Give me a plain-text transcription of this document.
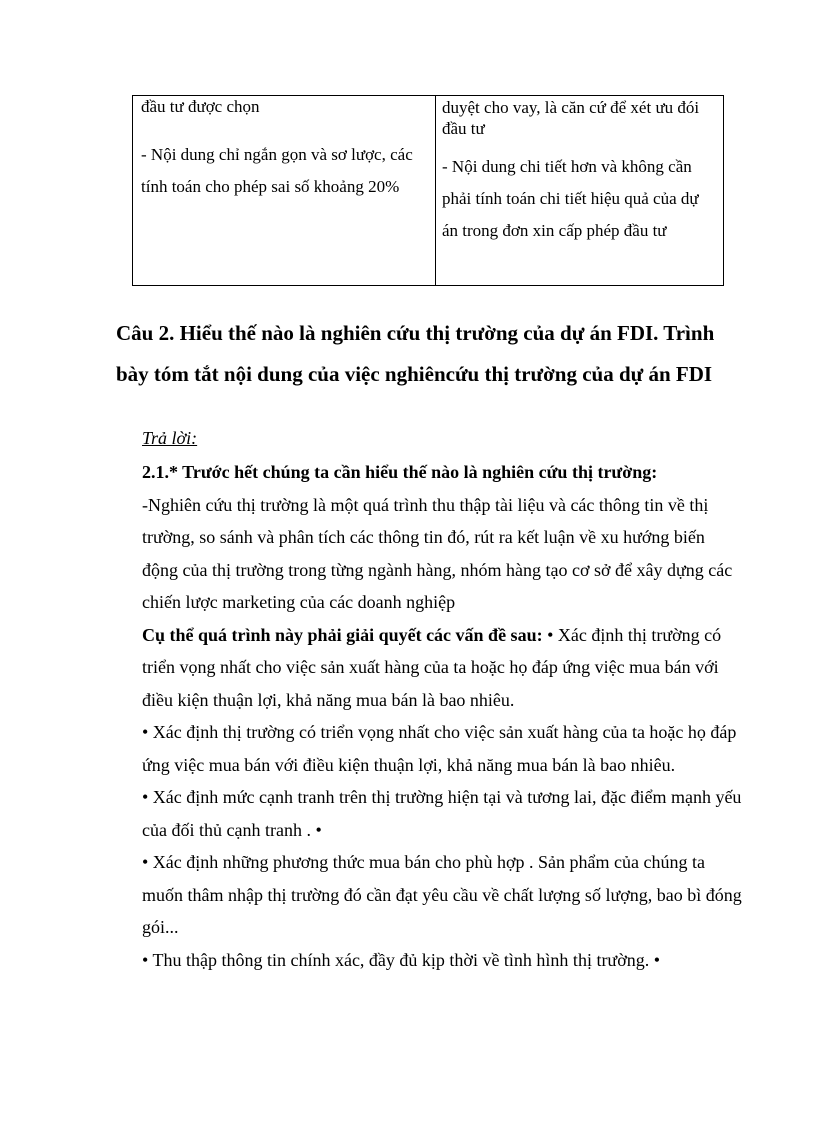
đầu tư được chọn
- Nội dung chỉ ngắn gọn và sơ lược, các tính toán cho phép sai số khoảng 20%
duyệt cho vay, là căn cứ để xét ưu đói đầu tư
- Nội dung chi tiết hơn và không cần phải tính toán chi tiết hiệu quả của dự án trong đơn xin cấp phép đầu tư
Câu 2. Hiểu thế nào là nghiên cứu thị trường của dự án FDI. Trình bày tóm tắt nội dung của việc nghiêncứu thị trường của dự án FDI

Trả lời:

2.1.* Trước hết chúng ta cần hiểu thế nào là nghiên cứu thị trường:

-Nghiên cứu thị trường là một quá trình thu thập tài liệu và các thông tin về thị trường, so sánh và phân tích các thông tin đó, rút ra kết luận về xu hướng biến động của thị trường trong từng ngành hàng, nhóm hàng tạo cơ sở để xây dựng các chiến lược marketing của các doanh nghiệp

Cụ thể quá trình này phải giải quyết các vấn đề sau: • Xác định thị trường có triển vọng nhất cho việc sản xuất hàng của ta hoặc họ đáp ứng việc mua bán với điều kiện thuận lợi, khả năng mua bán là bao nhiêu.

• Xác định thị trường có triển vọng nhất cho việc sản xuất hàng của ta hoặc họ đáp ứng việc mua bán với điều kiện thuận lợi, khả năng mua bán là bao nhiêu.

• Xác định mức cạnh tranh trên thị trường hiện tại và tương lai, đặc điểm mạnh yếu của đối thủ cạnh tranh . •

• Xác định những phương thức mua bán cho phù hợp . Sản phẩm của chúng ta muốn thâm nhập thị trường đó cần đạt yêu cầu về chất lượng số lượng, bao bì đóng gói...

• Thu thập thông tin chính xác, đầy đủ kịp thời về tình hình thị trường. •
